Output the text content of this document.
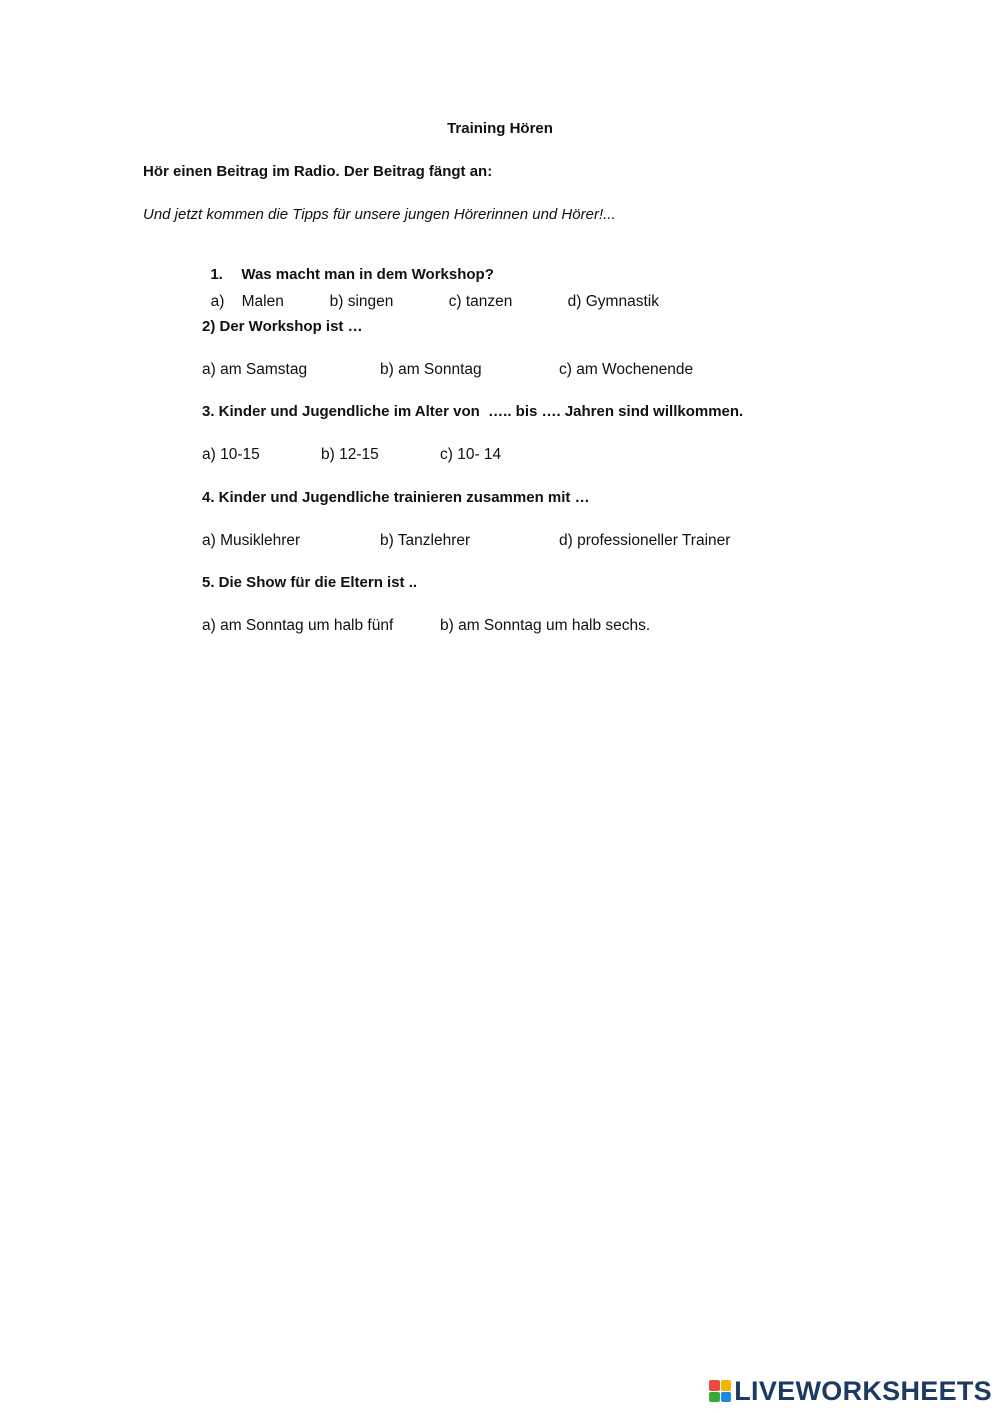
Training Hören
Hör einen Beitrag im Radio. Der Beitrag fängt an:
Und jetzt kommen die Tipps für unsere jungen Hörerinnen und Hörer!...

1. Was macht man in dem Workshop?

a) Malen	b) singen	c) tanzen	d) Gymnastik

2) Der Workshop ist …
a) am Samstag	b) am Sonntag	c) am Wochenende
3. Kinder und Jugendliche im Alter von  ….. bis …. Jahren sind willkommen.
a) 10-15	b) 12-15	c) 10- 14
4. Kinder und Jugendliche trainieren zusammen mit …
a) Musiklehrer	b) Tanzlehrer	d) professioneller Trainer
5. Die Show für die Eltern ist ..
a) am Sonntag um halb fünf	b) am Sonntag um halb sechs.
LIVEWORKSHEETS
